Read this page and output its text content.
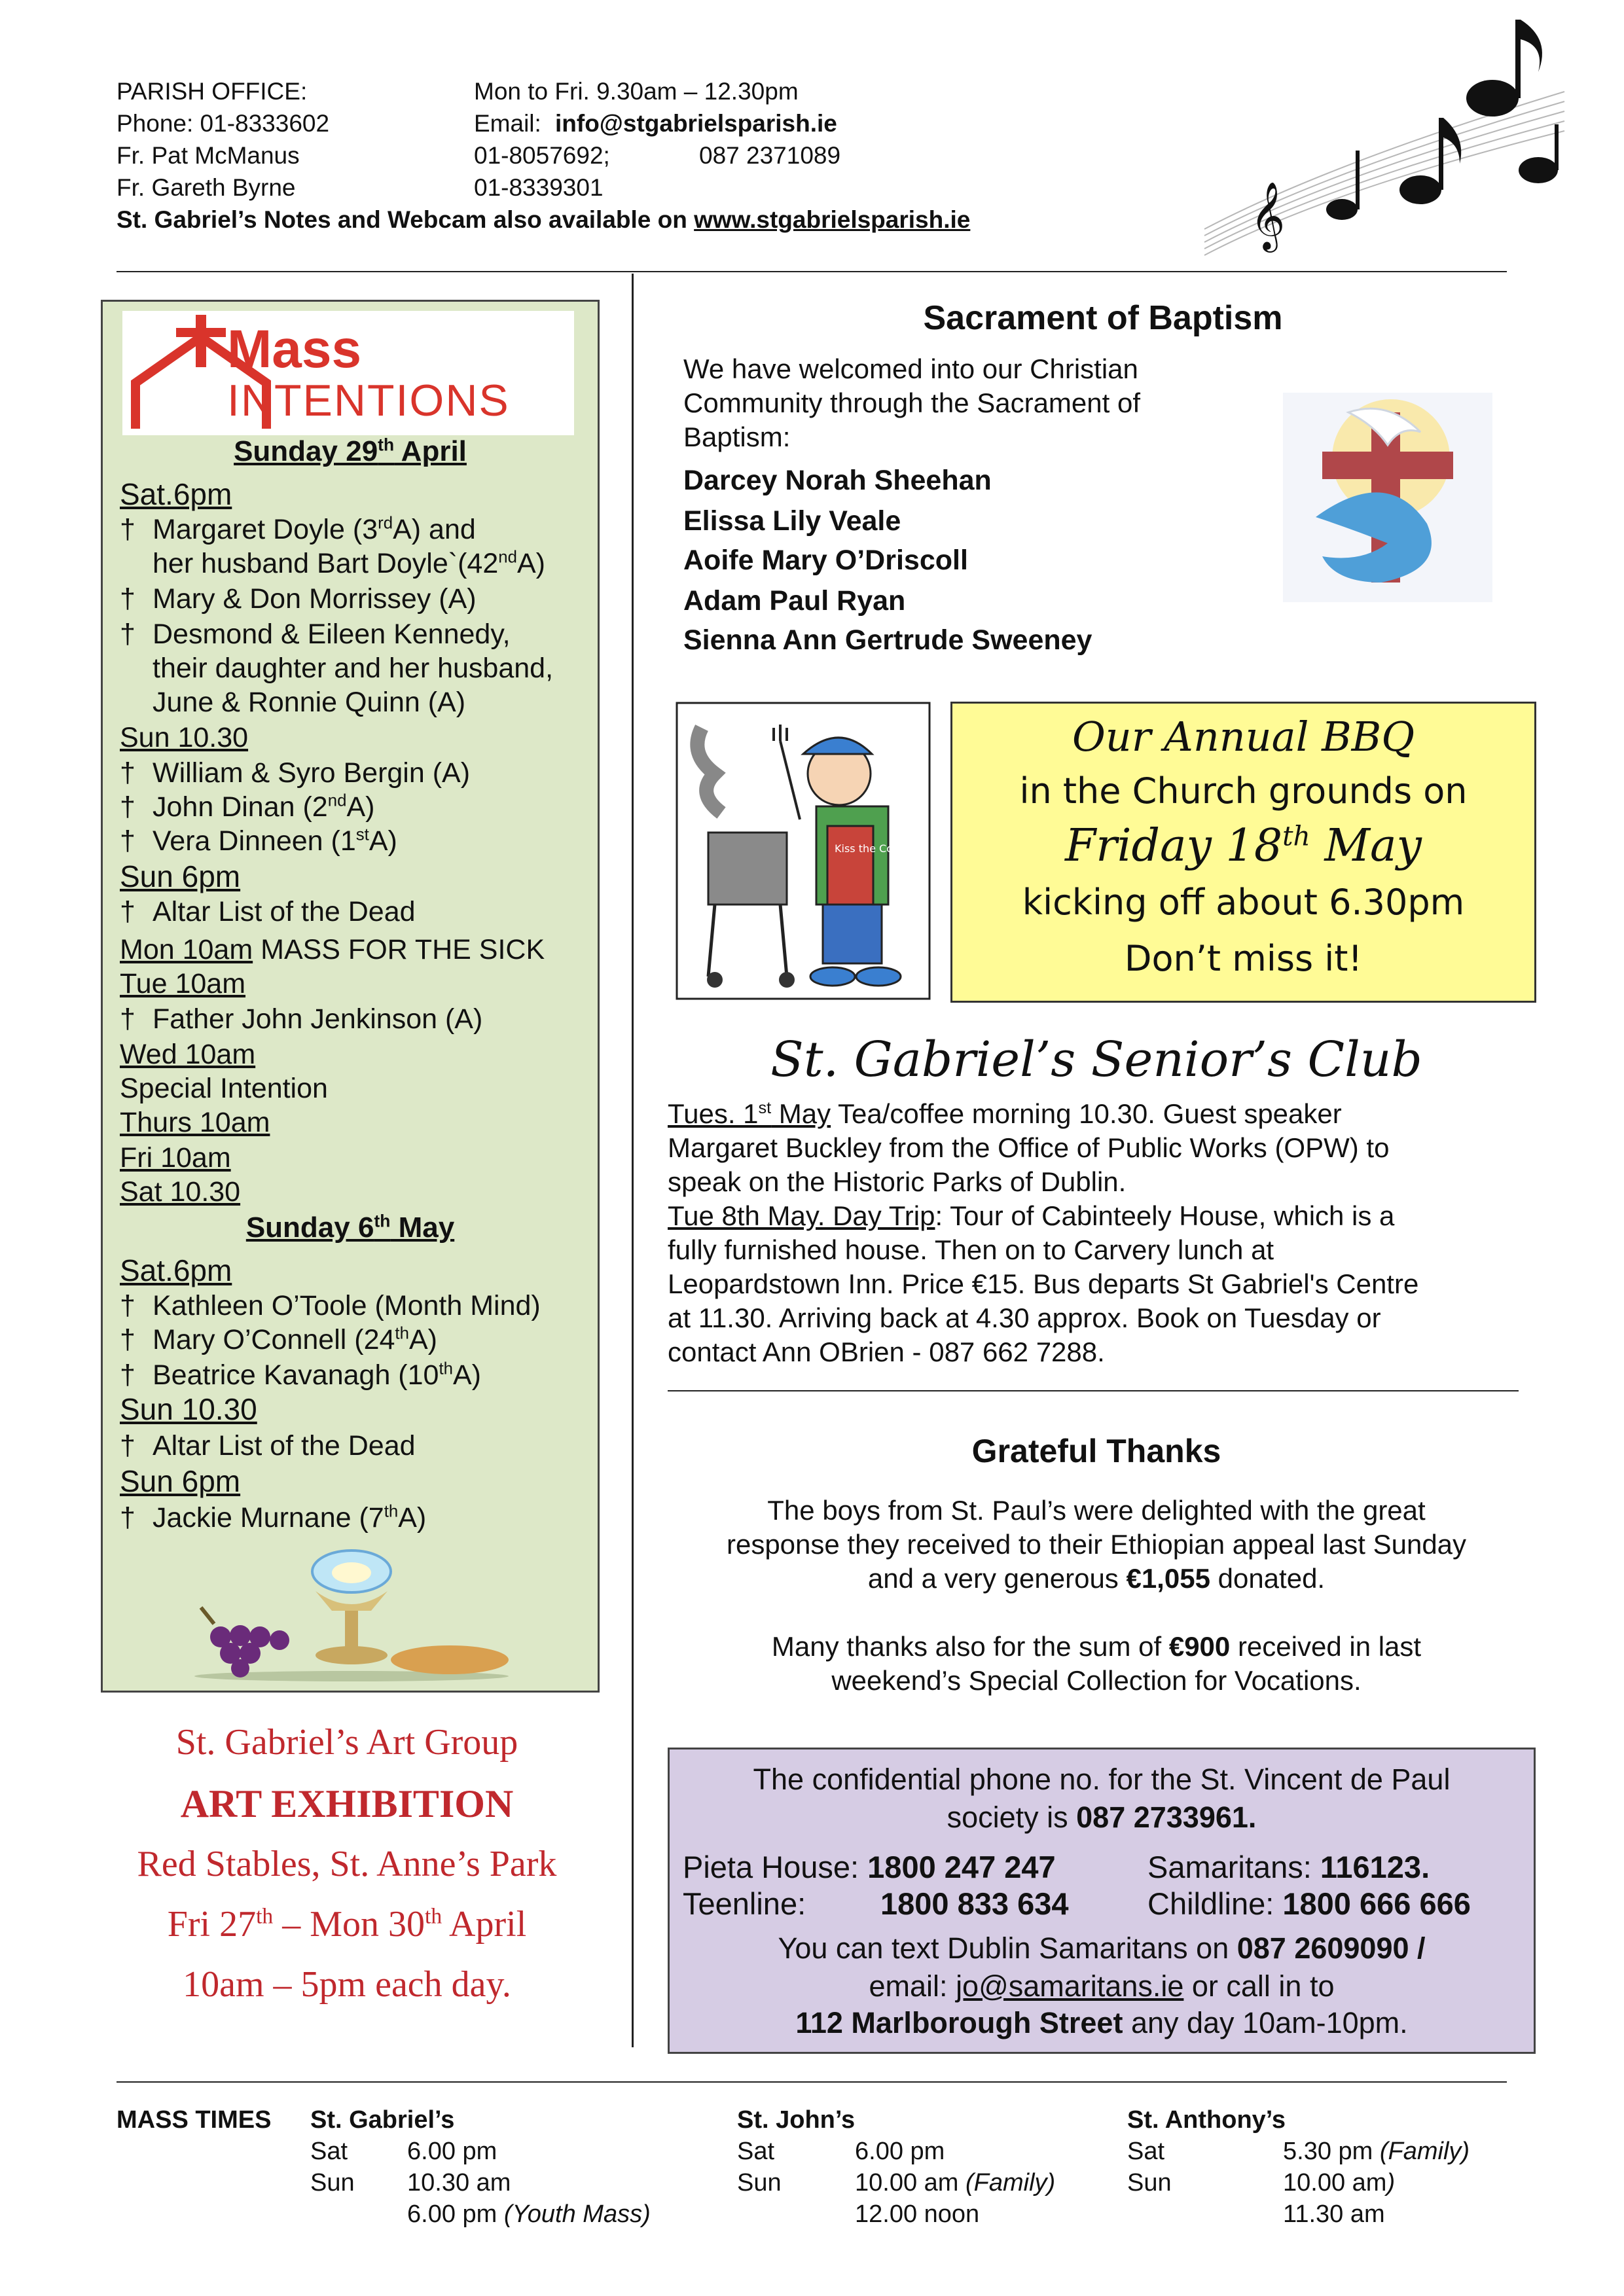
PARISH OFFICE:	Mon to Fri. 9.30am – 12.30pm
Phone: 01-8333602	Email: info@stgabrielsparish.ie
Fr. Pat McManus	01-8057692;	087 2371089
Fr. Gareth Byrne	01-8339301
St. Gabriel’s Notes and Webcam also available on www.stgabrielsparish.ie	𝄞
Mass
INTENTIONS
Sunday 29th April
Sat.6pm
† Margaret Doyle (3rdA) and
her husband Bart Doyle`(42ndA)
† Mary & Don Morrissey (A)
† Desmond & Eileen Kennedy,
their daughter and her husband,
June & Ronnie Quinn (A)
Sun 10.30
† William & Syro Bergin (A)
† John Dinan (2ndA)
† Vera Dinneen (1stA)
Sun 6pm
† Altar List of the Dead
Mon 10am MASS FOR THE SICK
Tue 10am
† Father John Jenkinson (A)
Wed 10am
Special Intention
Thurs 10am
Fri 10am
Sat 10.30
Sunday 6th May
Sat.6pm
† Kathleen O’Toole (Month Mind)
† Mary O’Connell (24thA)
† Beatrice Kavanagh (10thA)
Sun 10.30
† Altar List of the Dead
Sun 6pm
† Jackie Murnane (7thA)
St. Gabriel’s Art Group
ART EXHIBITION
Red Stables, St. Anne’s Park
Fri 27th – Mon 30th April
10am – 5pm each day.
Sacrament of Baptism
We have welcomed into our Christian
Community through the Sacrament of
Baptism:
Darcey Norah Sheehan
Elissa Lily Veale
Aoife Mary O’Driscoll
Adam Paul Ryan
Sienna Ann Gertrude Sweeney
Kiss the Cook
Our Annual BBQ
in the Church grounds on
Friday 18th May
kicking off about 6.30pm
Don’t miss it!
St. Gabriel’s Senior’s Club
Tues. 1st May Tea/coffee morning 10.30. Guest speaker
Margaret Buckley from the Office of Public Works (OPW) to
speak on the Historic Parks of Dublin.
Tue 8th May. Day Trip: Tour of Cabinteely House, which is a
fully furnished house. Then on to Carvery lunch at
Leopardstown Inn. Price €15. Bus departs St Gabriel's Centre
at 11.30. Arriving back at 4.30 approx. Book on Tuesday or
contact Ann OBrien - 087 662 7288.
Grateful Thanks
The boys from St. Paul’s were delighted with the great
response they received to their Ethiopian appeal last Sunday
and a very generous €1,055 donated.
Many thanks also for the sum of €900 received in last
weekend’s Special Collection for Vocations.
The confidential phone no. for the St. Vincent de Paul
society is 087 2733961.
Pieta House: 1800 247 247	Samaritans: 116123.
Teenline: 1800 833 634	Childline: 1800 666 666
You can text Dublin Samaritans on 087 2609090 /
email: jo@samaritans.ie or call in to
112 Marlborough Street any day 10am-10pm.
MASS TIMES St. Gabriel’s
Sat 6.00 pm
Sun 10.30 am
6.00 pm (Youth Mass)
St. John’s
Sat	6.00 pm
Sun	10.00 am (Family)
12.00 noon
St. Anthony’s
Sat	5.30 pm (Family)
Sun	10.00 am)
11.30 am
